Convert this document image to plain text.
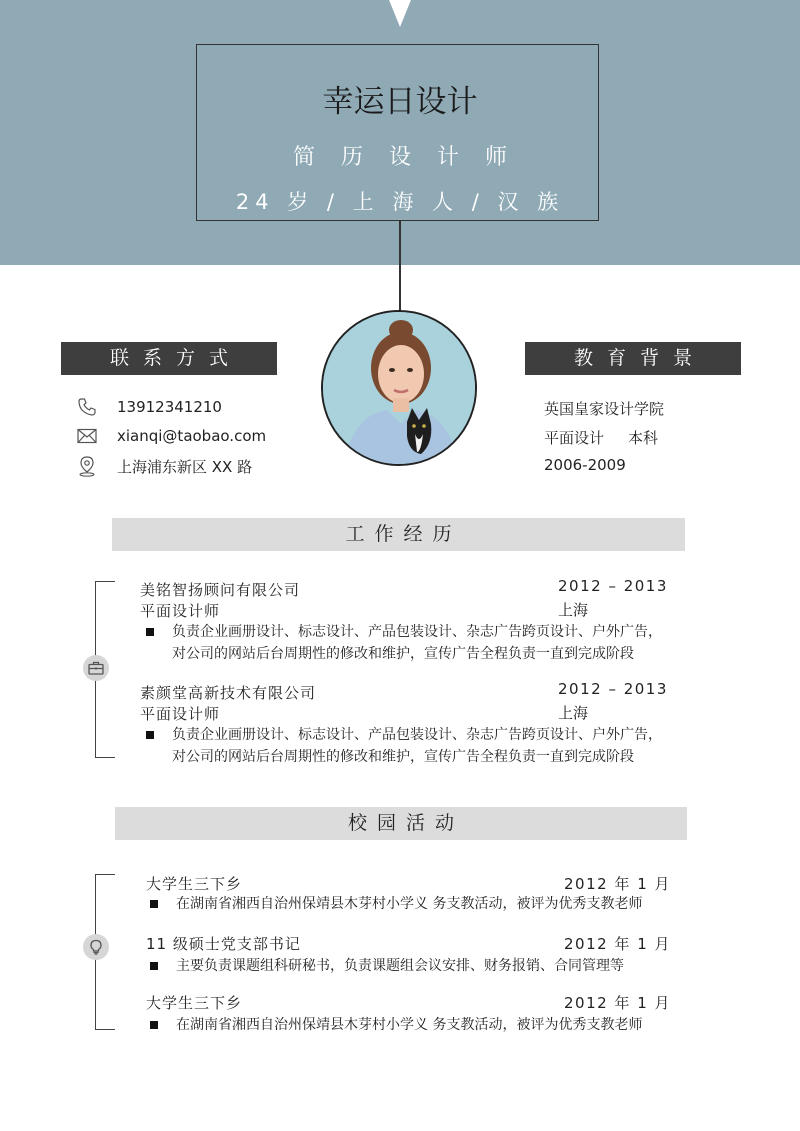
幸运日设计
简历设计师
24 岁 / 上 海 人 / 汉 族
联系方式
13912341210
xianqi@taobao.com
上海浦东新区 XX 路
教育背景
英国皇家设计学院
平面设计 本科
2006-2009
工作经历
美铭智扬顾问有限公司	2012 – 2013
平面设计师	上海
负责企业画册设计、标志设计、产品包装设计、杂志广告跨页设计、户外广告，对公司的网站后台周期性的修改和维护，宣传广告全程负责一直到完成阶段
素颜堂高新技术有限公司	2012 – 2013
平面设计师	上海
负责企业画册设计、标志设计、产品包装设计、杂志广告跨页设计、户外广告，对公司的网站后台周期性的修改和维护，宣传广告全程负责一直到完成阶段
校园活动
大学生三下乡	2012 年 1 月
在湖南省湘西自治州保靖县木芽村小学义 务支教活动，被评为优秀支教老师
11 级硕士党支部书记	2012 年 1 月
主要负责课题组科研秘书，负责课题组会议安排、财务报销、合同管理等
大学生三下乡	2012 年 1 月
在湖南省湘西自治州保靖县木芽村小学义 务支教活动，被评为优秀支教老师
